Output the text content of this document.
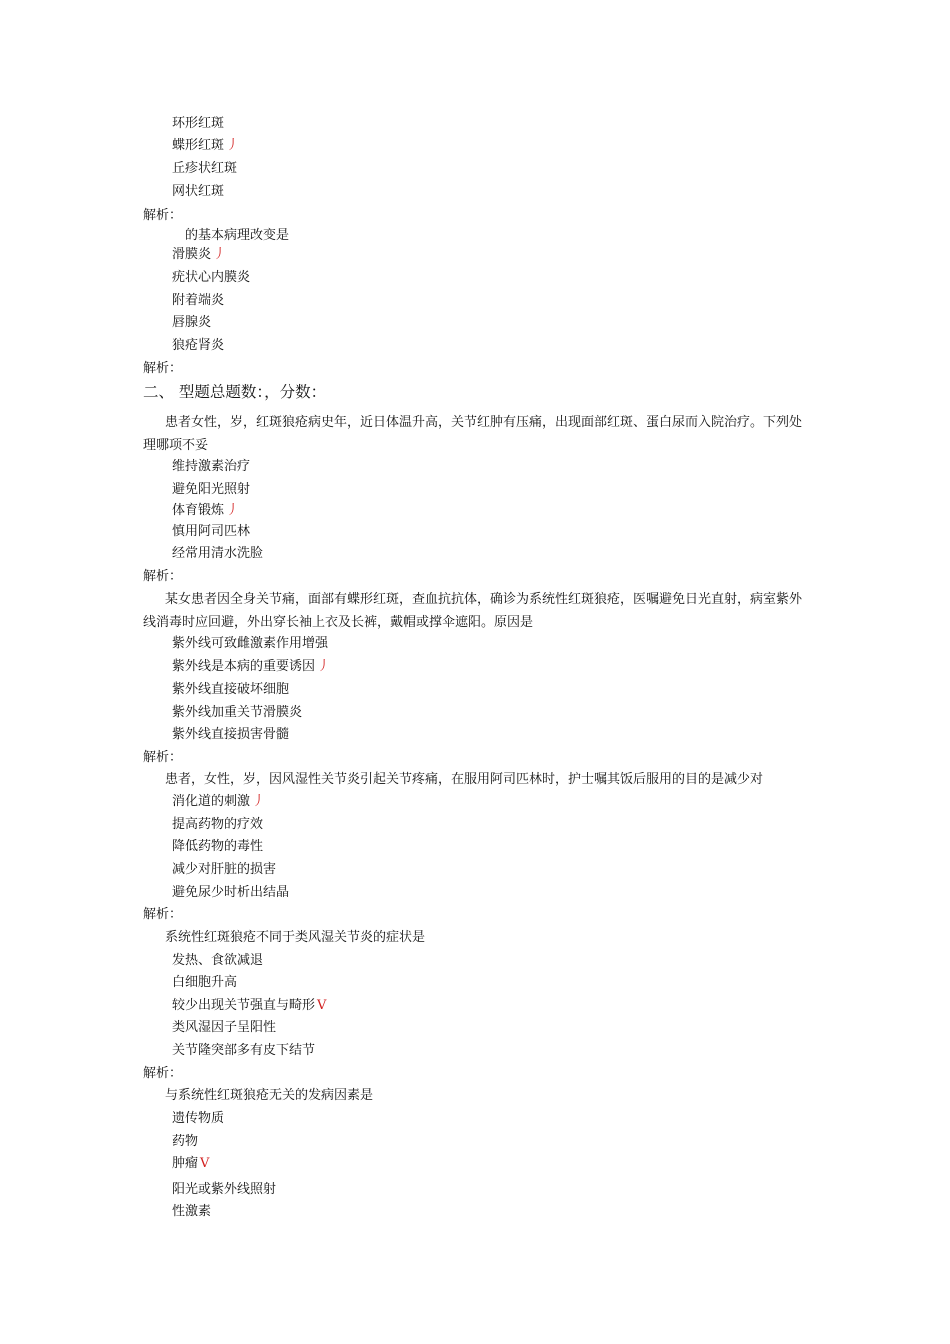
环形红斑
蝶形红斑 丿
丘疹状红斑
网状红斑
解析：
的基本病理改变是
滑膜炎 丿
疣状心内膜炎
附着端炎
唇腺炎
狼疮肾炎
解析：
二、 型题总题数：，分数：
患者女性，岁，红斑狼疮病史年，近日体温升高，关节红肿有压痛，出现面部红斑、蛋白尿而入院治疗。下列处理哪项不妥
维持激素治疗
避免阳光照射
体育锻炼 丿
慎用阿司匹林
经常用清水洗脸
解析：
某女患者因全身关节痛，面部有蝶形红斑，查血抗抗体，确诊为系统性红斑狼疮，医嘱避免日光直射，病室紫外线消毒时应回避，外出穿长袖上衣及长裤，戴帽或撑伞遮阳。原因是
紫外线可致雌激素作用增强
紫外线是本病的重要诱因 丿
紫外线直接破坏细胞
紫外线加重关节滑膜炎
紫外线直接损害骨髓
解析：
患者，女性，岁，因风湿性关节炎引起关节疼痛，在服用阿司匹林时，护士嘱其饭后服用的目的是减少对
消化道的刺激 丿
提高药物的疗效
降低药物的毒性
减少对肝脏的损害
避免尿少时析出结晶
解析：
系统性红斑狼疮不同于类风湿关节炎的症状是
发热、食欲减退
白细胞升高
较少出现关节强直与畸形 V
类风湿因子呈阳性
关节隆突部多有皮下结节
解析：
与系统性红斑狼疮无关的发病因素是
遗传物质
药物
肿瘤 V
阳光或紫外线照射
性激素
